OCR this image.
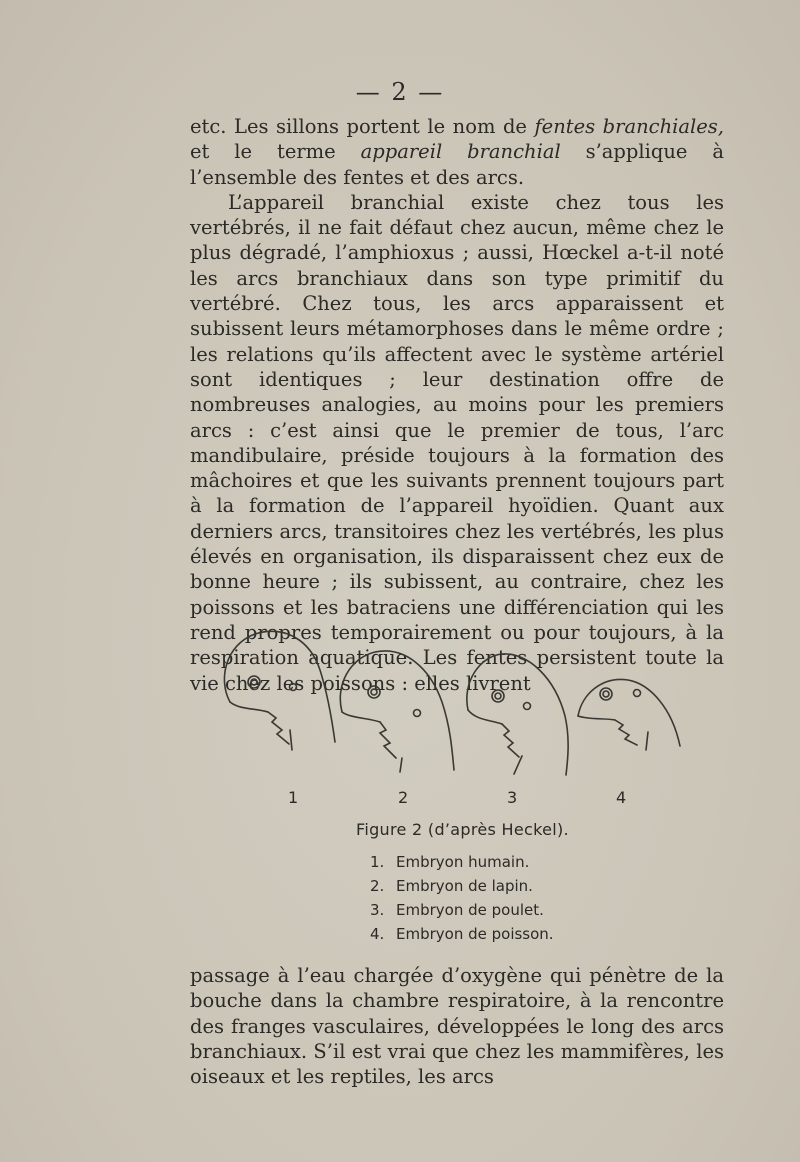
— 2 —

etc. Les sillons portent le nom de fentes branchiales, et le terme appareil branchial s’applique à l’ensemble des fentes et des arcs.

L’appareil branchial existe chez tous les vertébrés, il ne fait défaut chez aucun, même chez le plus dégradé, l’amphioxus ; aussi, Hœckel a-t-il noté les arcs branchiaux dans son type primitif du vertébré. Chez tous, les arcs apparaissent et subissent leurs métamorphoses dans le même ordre ; les relations qu’ils affectent avec le système artériel sont identiques ; leur destination offre de nombreuses analogies, au moins pour les premiers arcs : c’est ainsi que le premier de tous, l’arc mandibulaire, préside toujours à la formation des mâchoires et que les suivants prennent toujours part à la formation de l’appareil hyoïdien. Quant aux derniers arcs, transitoires chez les vertébrés, les plus élevés en organisation, ils disparaissent chez eux de bonne heure ; ils subissent, au contraire, chez les poissons et les batraciens une différenciation qui les rend propres temporairement ou pour toujours, à la respiration aquatique. Les fentes persistent toute la vie chez les poissons : elles livrent

1	2	3	4
Figure 2 (d’après Heckel).
1. Embryon humain.
2. Embryon de lapin.
3. Embryon de poulet.
4. Embryon de poisson.

passage à l’eau chargée d’oxygène qui pénètre de la bouche dans la chambre respiratoire, à la rencontre des franges vasculaires, développées le long des arcs branchiaux. S’il est vrai que chez les mammifères, les oiseaux et les reptiles, les arcs
